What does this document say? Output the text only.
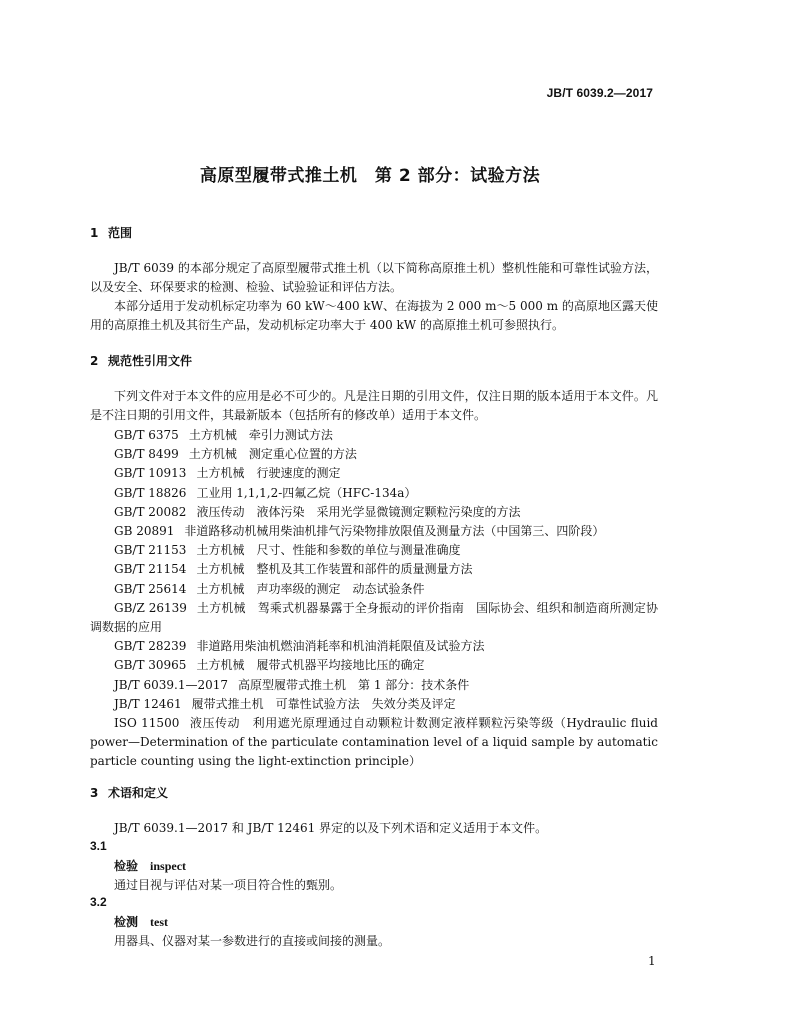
JB/T 6039.2—2017
高原型履带式推土机　第 2 部分：试验方法
1 范围
JB/T 6039 的本部分规定了高原型履带式推土机（以下简称高原推土机）整机性能和可靠性试验方法，以及安全、环保要求的检测、检验、试验验证和评估方法。
本部分适用于发动机标定功率为 60 kW～400 kW、在海拔为 2 000 m～5 000 m 的高原地区露天使用的高原推土机及其衍生产品，发动机标定功率大于 400 kW 的高原推土机可参照执行。
2 规范性引用文件
下列文件对于本文件的应用是必不可少的。凡是注日期的引用文件，仅注日期的版本适用于本文件。凡是不注日期的引用文件，其最新版本（包括所有的修改单）适用于本文件。
GB/T 6375 土方机械　牵引力测试方法
GB/T 8499 土方机械　测定重心位置的方法
GB/T 10913 土方机械　行驶速度的测定
GB/T 18826 工业用 1,1,1,2-四氟乙烷（HFC-134a）
GB/T 20082 液压传动　液体污染　采用光学显微镜测定颗粒污染度的方法
GB 20891 非道路移动机械用柴油机排气污染物排放限值及测量方法（中国第三、四阶段）
GB/T 21153 土方机械　尺寸、性能和参数的单位与测量准确度
GB/T 21154 土方机械　整机及其工作装置和部件的质量测量方法
GB/T 25614 土方机械　声功率级的测定　动态试验条件
GB/Z 26139 土方机械　驾乘式机器暴露于全身振动的评价指南　国际协会、组织和制造商所测定协调数据的应用
GB/T 28239 非道路用柴油机燃油消耗率和机油消耗限值及试验方法
GB/T 30965 土方机械　履带式机器平均接地比压的确定
JB/T 6039.1—2017 高原型履带式推土机　第 1 部分：技术条件
JB/T 12461 履带式推土机　可靠性试验方法　失效分类及评定
ISO 11500 液压传动　利用遮光原理通过自动颗粒计数测定液样颗粒污染等级（Hydraulic fluid power—Determination of the particulate contamination level of a liquid sample by automatic particle counting using the light-extinction principle）
3 术语和定义
JB/T 6039.1—2017 和 JB/T 12461 界定的以及下列术语和定义适用于本文件。
3.1
检验 inspect
通过目视与评估对某一项目符合性的甄别。
3.2
检测 test
用器具、仪器对某一参数进行的直接或间接的测量。
1
